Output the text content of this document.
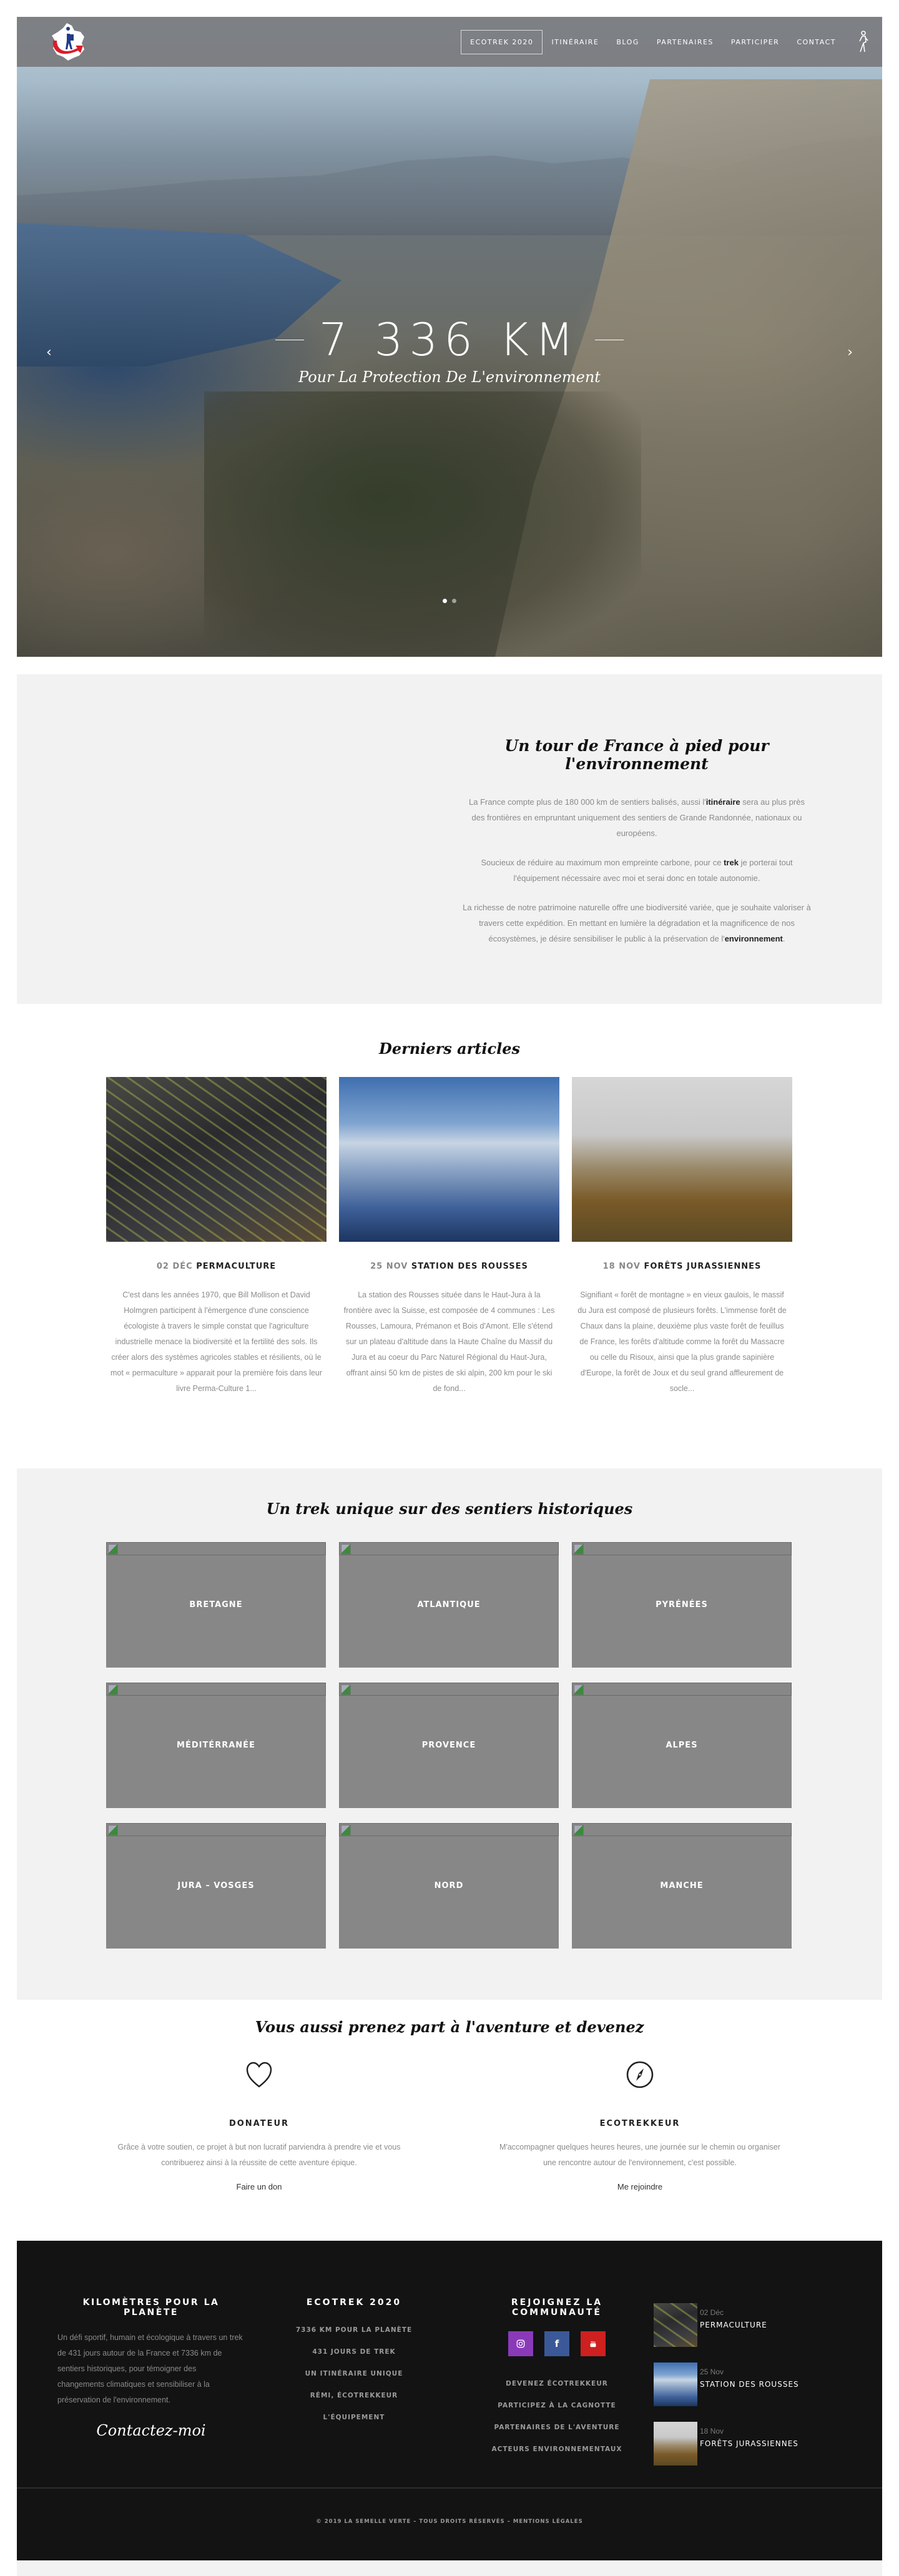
ECOTREK 2020	ITINÉRAIRE	BLOG	PARTENAIRES	PARTICIPER	CONTACT
7 336 KM
Pour La Protection De L'environnement
‹	›
Un tour de France à pied pour l'environnement

La France compte plus de 180 000 km de sentiers balisés, aussi l'itinéraire sera au plus près des frontières en empruntant uniquement des sentiers de Grande Randonnée, nationaux ou européens.

Soucieux de réduire au maximum mon empreinte carbone, pour ce trek je porterai tout l'équipement nécessaire avec moi et serai donc en totale autonomie.

La richesse de notre patrimoine naturelle offre une biodiversité variée, que je souhaite valoriser à travers cette expédition. En mettant en lumière la dégradation et la magnificence de nos écosystèmes, je désire sensibiliser le public à la préservation de l'environnement.

Derniers articles
02 DÉC PERMACULTURE

C'est dans les années 1970, que Bill Mollison et David Holmgren participent à l'émergence d'une conscience écologiste à travers le simple constat que l'agriculture industrielle menace la biodiversité et la fertilité des sols. Ils créer alors des systèmes agricoles stables et résilients, où le mot « permaculture » apparait pour la première fois dans leur livre Perma-Culture 1...

25 NOV STATION DES ROUSSES

La station des Rousses située dans le Haut-Jura à la frontière avec la Suisse, est composée de 4 communes : Les Rousses, Lamoura, Prémanon et Bois d'Amont. Elle s'étend sur un plateau d'altitude dans la Haute Chaîne du Massif du Jura et au coeur du Parc Naturel Régional du Haut-Jura, offrant ainsi 50 km de pistes de ski alpin, 200 km pour le ski de fond...

18 NOV FORÊTS JURASSIENNES

Signifiant « forêt de montagne » en vieux gaulois, le massif du Jura est composé de plusieurs forêts. L'immense forêt de Chaux dans la plaine, deuxième plus vaste forêt de feuillus de France, les forêts d'altitude comme la forêt du Massacre ou celle du Risoux, ainsi que la plus grande sapinière d'Europe, la forêt de Joux et du seul grand affleurement de socle...

Un trek unique sur des sentiers historiques
BRETAGNE	ATLANTIQUE	PYRÉNÉES
MÉDITÉRRANÉE	PROVENCE	ALPES
JURA – VOSGES	NORD	MANCHE
Vous aussi prenez part à l'aventure et devenez
DONATEUR

Grâce à votre soutien, ce projet à but non lucratif parviendra à prendre vie et vous contribuerez ainsi à la réussite de cette aventure épique.

Faire un don
ECOTREKKEUR

M'accompagner quelques heures heures, une journée sur le chemin ou organiser une rencontre autour de l'environnement, c'est possible.

Me rejoindre
KILOMÈTRES POUR LA PLANÈTE

Un défi sportif, humain et écologique à travers un trek de 431 jours autour de la France et 7336 km de sentiers historiques, pour témoigner des changements climatiques et sensibiliser à la préservation de l'environnement.

Contactez-moi
ECOTREK 2020
7336 KM POUR LA PLANÈTE
431 JOURS DE TREK
UN ITINÉRAIRE UNIQUE
RÉMI, ÉCOTREKKEUR
L'ÉQUIPEMENT
REJOIGNEZ LA COMMUNAUTÉ
f	You
DEVENEZ ÉCOTREKKEUR
PARTICIPEZ À LA CAGNOTTE
PARTENAIRES DE L'AVENTURE
ACTEURS ENVIRONNEMENTAUX
02 Déc
PERMACULTURE
25 Nov
STATION DES ROUSSES
18 Nov
FORÊTS JURASSIENNES
© 2019 LA SEMELLE VERTE – TOUS DROITS RÉSERVÉS – MENTIONS LÉGALES
